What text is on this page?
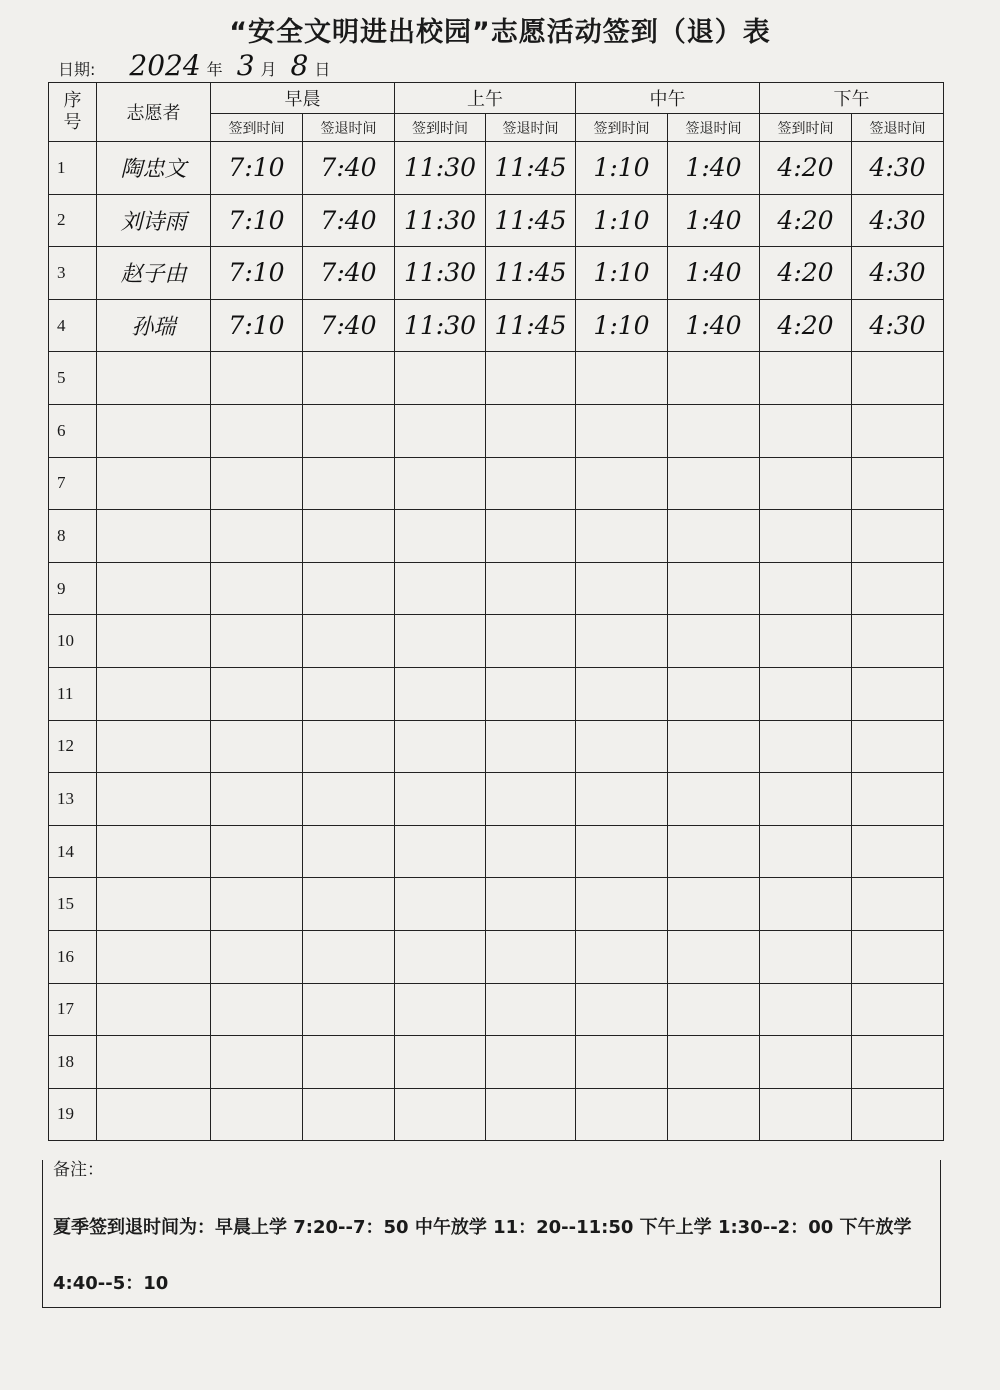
“安全文明进出校园”志愿活动签到（退）表
日期: 2024 年 3 月 8 日
序号	志愿者	早晨		上午		中午		下午	
		签到时间	签退时间	签到时间	签退时间	签到时间	签退时间	签到时间	签退时间
1	陶忠文	7:10	7:40	11:30	11:45	1:10	1:40	4:20	4:30
2	刘诗雨	7:10	7:40	11:30	11:45	1:10	1:40	4:20	4:30
3	赵子由	7:10	7:40	11:30	11:45	1:10	1:40	4:20	4:30
4	孙瑞	7:10	7:40	11:30	11:45	1:10	1:40	4:20	4:30
5									
6									
7									
8									
9									
10									
11									
12									
13									
14									
15									
16									
17									
18									
19									
备注：
夏季签到退时间为：早晨上学 7:20--7：50 中午放学 11：20--11:50 下午上学 1:30--2：00 下午放学 4:40--5：10
